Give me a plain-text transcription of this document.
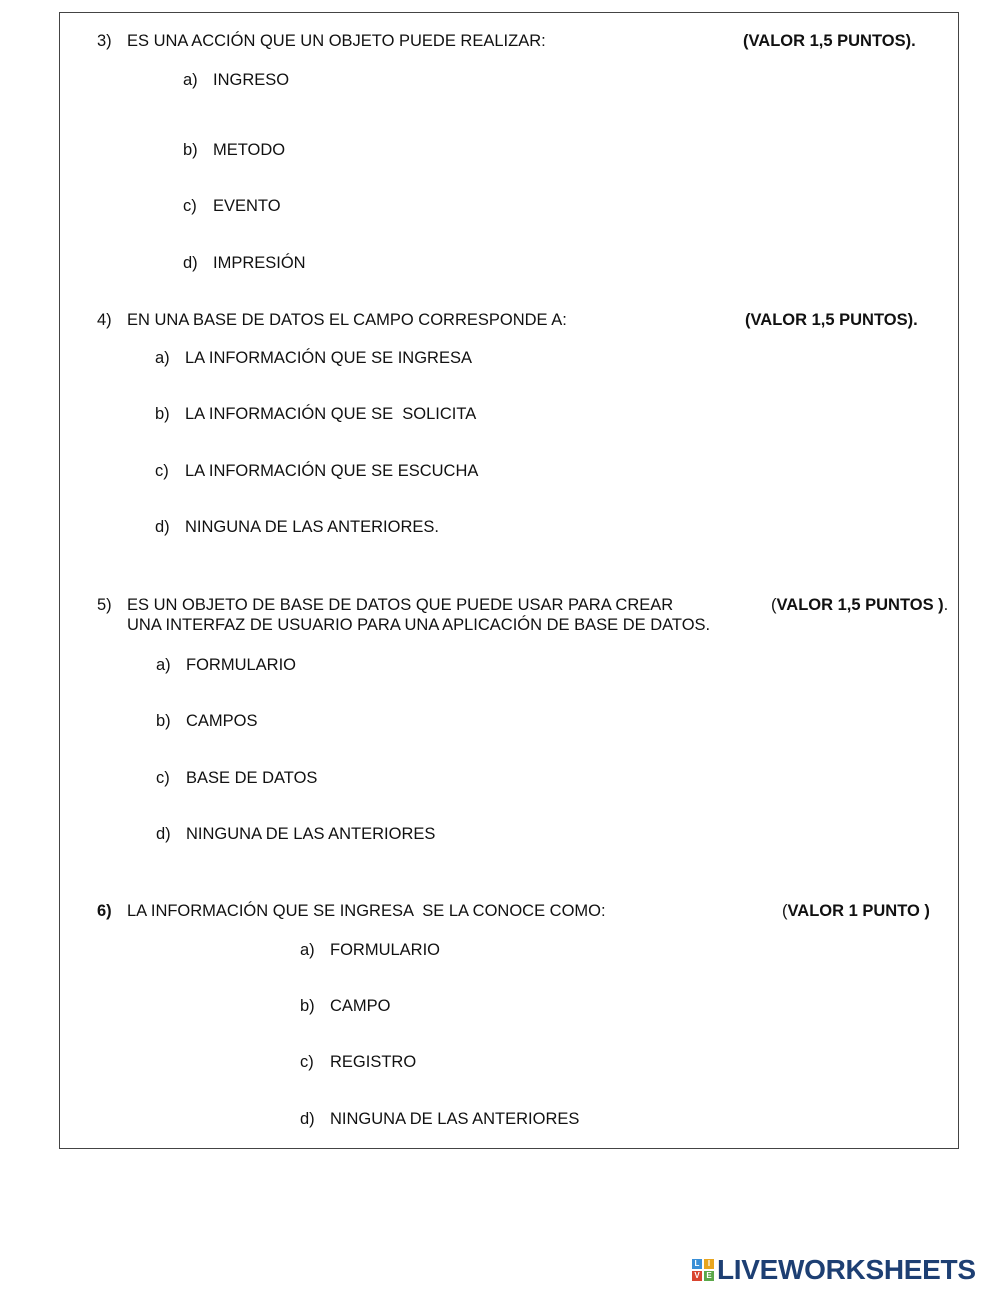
3) ES UNA ACCIÓN QUE UN OBJETO PUEDE REALIZAR:	(VALOR 1,5 PUNTOS).
a) INGRESO
b) METODO
c) EVENTO
d) IMPRESIÓN
4) EN UNA BASE DE DATOS EL CAMPO CORRESPONDE A:	(VALOR 1,5 PUNTOS).
a) LA INFORMACIÓN QUE SE INGRESA
b) LA INFORMACIÓN QUE SE  SOLICITA
c) LA INFORMACIÓN QUE SE ESCUCHA
d) NINGUNA DE LAS ANTERIORES.
5) ES UN OBJETO DE BASE DE DATOS QUE PUEDE USAR PARA CREAR
UNA INTERFAZ DE USUARIO PARA UNA APLICACIÓN DE BASE DE DATOS.
(VALOR 1,5 PUNTOS ).
a) FORMULARIO
b) CAMPOS
c) BASE DE DATOS
d) NINGUNA DE LAS ANTERIORES
6) LA INFORMACIÓN QUE SE INGRESA  SE LA CONOCE COMO:	(VALOR 1 PUNTO )
a) FORMULARIO
b) CAMPO
c) REGISTRO
d) NINGUNA DE LAS ANTERIORES
L	I
V E LIVEWORKSHEETS
